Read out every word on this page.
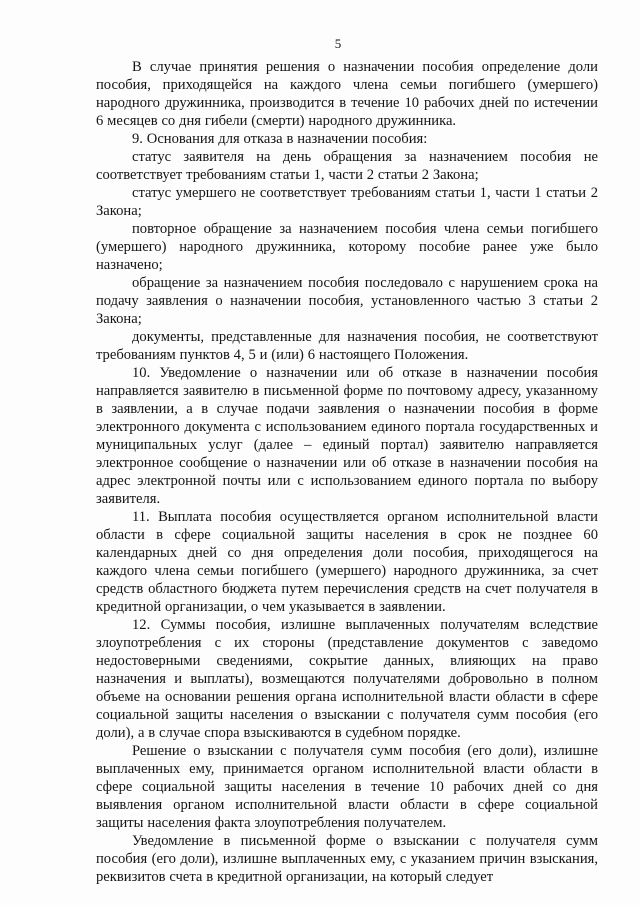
5

В случае принятия решения о назначении пособия определение доли пособия, приходящейся на каждого члена семьи погибшего (умершего) народного дружинника, производится в течение 10 рабочих дней по истечении 6 месяцев со дня гибели (смерти) народного дружинника.

9. Основания для отказа в назначении пособия:

статус заявителя на день обращения за назначением пособия не соответствует требованиям статьи 1, части 2 статьи 2 Закона;

статус умершего не соответствует требованиям статьи 1, части 1 статьи 2 Закона;

повторное обращение за назначением пособия члена семьи погибшего (умершего) народного дружинника, которому пособие ранее уже было назначено;

обращение за назначением пособия последовало с нарушением срока на подачу заявления о назначении пособия, установленного частью 3 статьи 2 Закона;

документы, представленные для назначения пособия, не соответствуют требованиям пунктов 4, 5 и (или) 6 настоящего Положения.

10. Уведомление о назначении или об отказе в назначении пособия направляется заявителю в письменной форме по почтовому адресу, указанному в заявлении, а в случае подачи заявления о назначении пособия в форме электронного документа с использованием единого портала государственных и муниципальных услуг (далее – единый портал) заявителю направляется электронное сообщение о назначении или об отказе в назначении пособия на адрес электронной почты или с использованием единого портала по выбору заявителя.

11. Выплата пособия осуществляется органом исполнительной власти области в сфере социальной защиты населения в срок не позднее 60 календарных дней со дня определения доли пособия, приходящегося на каждого члена семьи погибшего (умершего) народного дружинника, за счет средств областного бюджета путем перечисления средств на счет получателя в кредитной организации, о чем указывается в заявлении.

12. Суммы пособия, излишне выплаченных получателям вследствие злоупотребления с их стороны (представление документов с заведомо недостоверными сведениями, сокрытие данных, влияющих на право назначения и выплаты), возмещаются получателями добровольно в полном объеме на основании решения органа исполнительной власти области в сфере социальной защиты населения о взыскании с получателя сумм пособия (его доли), а в случае спора взыскиваются в судебном порядке.

Решение о взыскании с получателя сумм пособия (его доли), излишне выплаченных ему, принимается органом исполнительной власти области в сфере социальной защиты населения в течение 10 рабочих дней со дня выявления органом исполнительной власти области в сфере социальной защиты населения факта злоупотребления получателем.

Уведомление в письменной форме о взыскании с получателя сумм пособия (его доли), излишне выплаченных ему, с указанием причин взыскания, реквизитов счета в кредитной организации, на который следует
